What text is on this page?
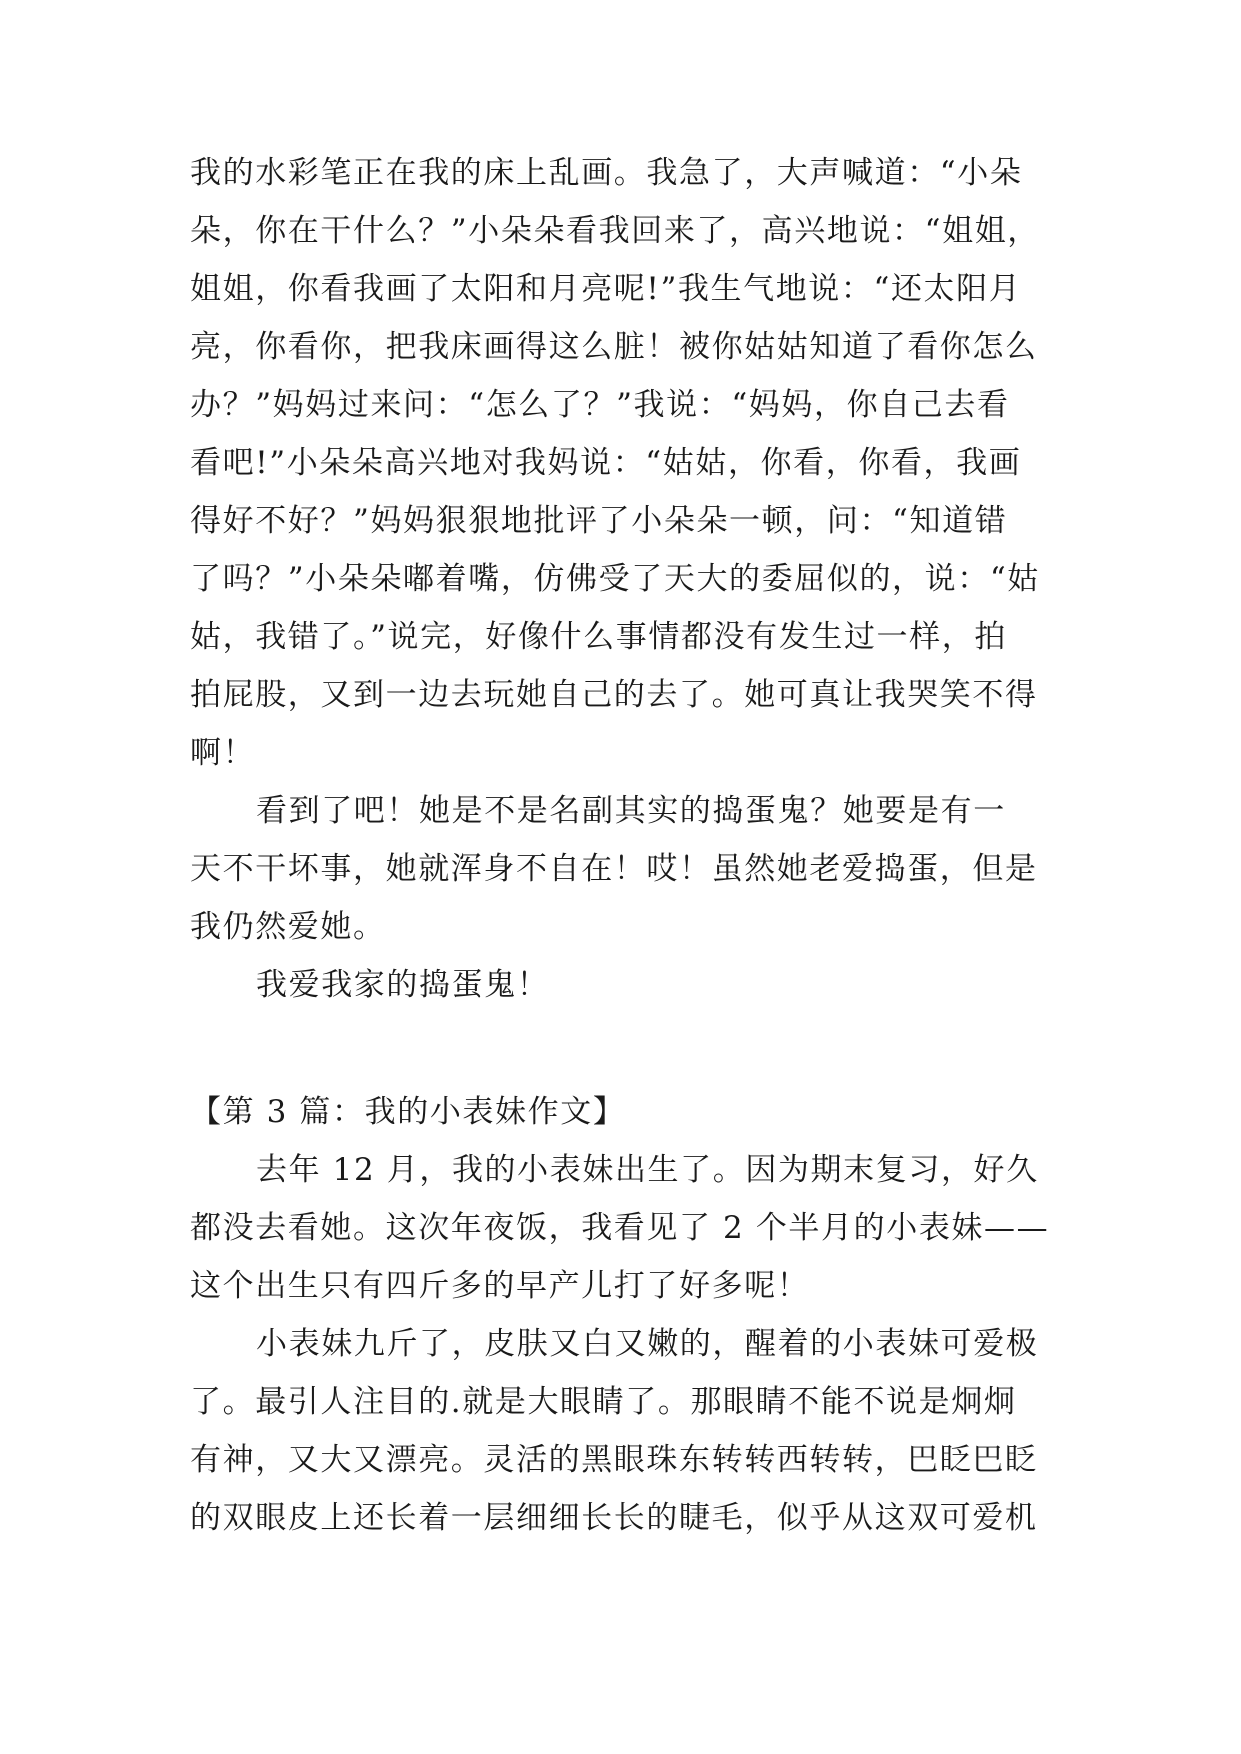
我的水彩笔正在我的床上乱画。我急了，大声喊道：“小朵
朵，你在干什么？”小朵朵看我回来了，高兴地说：“姐姐，
姐姐，你看我画了太阳和月亮呢!”我生气地说：“还太阳月
亮，你看你，把我床画得这么脏！被你姑姑知道了看你怎么
办？”妈妈过来问：“怎么了？”我说：“妈妈，你自己去看
看吧!”小朵朵高兴地对我妈说：“姑姑，你看，你看，我画
得好不好？”妈妈狠狠地批评了小朵朵一顿，问：“知道错
了吗？”小朵朵嘟着嘴，仿佛受了天大的委屈似的，说：“姑
姑，我错了。”说完，好像什么事情都没有发生过一样，拍
拍屁股，又到一边去玩她自己的去了。她可真让我哭笑不得
啊！
看到了吧！她是不是名副其实的捣蛋鬼？她要是有一
天不干坏事，她就浑身不自在！哎！虽然她老爱捣蛋，但是
我仍然爱她。
我爱我家的捣蛋鬼！
【第 3 篇：我的小表妹作文】
去年 12 月，我的小表妹出生了。因为期末复习，好久
都没去看她。这次年夜饭，我看见了 2 个半月的小表妹——
这个出生只有四斤多的早产儿打了好多呢！
小表妹九斤了，皮肤又白又嫩的，醒着的小表妹可爱极
了。最引人注目的.就是大眼睛了。那眼睛不能不说是炯炯
有神，又大又漂亮。灵活的黑眼珠东转转西转转，巴眨巴眨
的双眼皮上还长着一层细细长长的睫毛，似乎从这双可爱机
